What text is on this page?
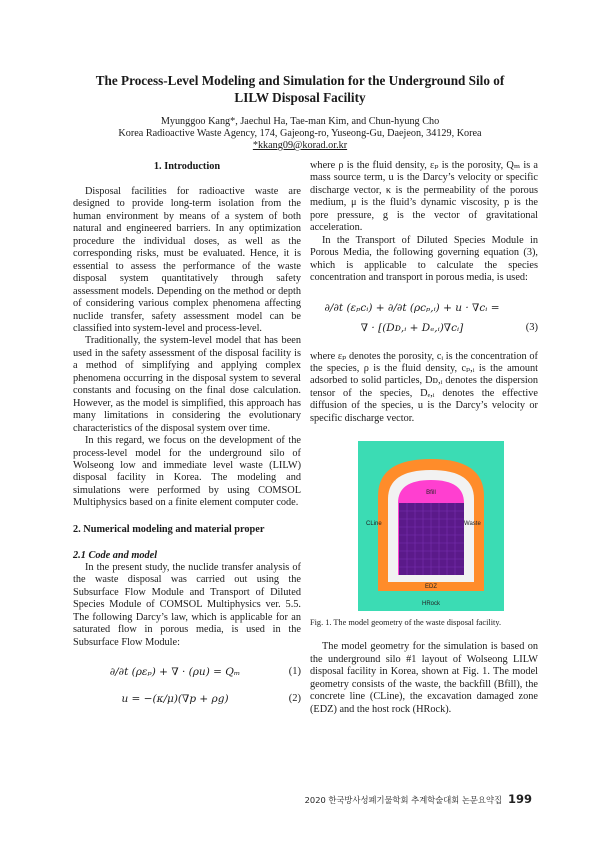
The Process-Level Modeling and Simulation for the Underground Silo of
LILW Disposal Facility
Myunggoo Kang*, Jaechul Ha, Tae-man Kim, and Chun-hyung Cho
Korea Radioactive Waste Agency, 174, Gajeong-ro, Yuseong-Gu, Daejeon, 34129, Korea
*kkang09@korad.or.kr
1. Introduction

Disposal facilities for radioactive waste are designed to provide long-term isolation from the human environment by means of a system of both natural and engineered barriers. In any optimization procedure the individual doses, as well as the corresponding risks, must be evaluated. Hence, it is essential to assess the performance of the waste disposal system quantitatively through safety assessment models. Depending on the method or depth of considering various complex phenomena affecting nuclide transfer, safety assessment model can be classified into system-level and process-level.

Traditionally, the system-level model that has been used in the safety assessment of the disposal facility is a method of simplifying and applying complex phenomena occurring in the disposal system to several constants and focusing on the final dose calculation. However, as the model is simplified, this approach has many limitations in considering the evolutionary characteristics of the disposal system over time.

In this regard, we focus on the development of the process-level model for the underground silo of Wolseong low and immediate level waste (LILW) disposal facility in Korea. The modeling and simulations were performed by using COMSOL Multiphysics based on a finite element computer code.

2. Numerical modeling and material proper
2.1 Code and model

In the present study, the nuclide transfer analysis of the waste disposal was carried out using the Subsurface Flow Module and Transport of Diluted Species Module of COMSOL Multiphysics ver. 5.5. The following Darcy’s law, which is applicable for an saturated flow in porous media, is used in the Subsurface Flow Module:

∂/∂t (ρεₚ) + ∇ · (ρu) = Qₘ	(1)
u = −(κ/μ)(∇p + ρg)	(2)

where ρ is the fluid density, εₚ is the porosity, Qₘ is a mass source term, u is the Darcy’s velocity or specific discharge vector, κ is the permeability of the porous medium, μ is the fluid’s dynamic viscosity, p is the pore pressure, g is the vector of gravitational acceleration.

In the Transport of Diluted Species Module in Porous Media, the following governing equation (3), which is applicable to calculate the species concentration and transport in porous media, is used:

∂/∂t (εₚcᵢ) + ∂/∂t (ρcₚ,ᵢ) + u · ∇cᵢ =
∇ · [(Dᴅ,ᵢ + Dₑ,ᵢ)∇cᵢ]	(3)

where εₚ denotes the porosity, cᵢ is the concentration of the species, ρ is the fluid density, cₚ,ᵢ is the amount adsorbed to solid particles, Dᴅ,ᵢ denotes the dispersion tensor of the species, Dₑ,ᵢ denotes the effective diffusion of the species, u is the Darcy’s velocity or specific discharge vector.

Bfill
CLine	Waste
EDZ
HRock

Fig. 1. The model geometry of the waste disposal facility.

The model geometry for the simulation is based on the underground silo #1 layout of Wolseong LILW disposal facility in Korea, shown at Fig. 1. The model geometry consists of the waste, the backfill (Bfill), the concrete line (CLine), the excavation damaged zone (EDZ) and the host rock (HRock).

2020 한국방사성폐기물학회 추계학술대회 논문요약집 199
